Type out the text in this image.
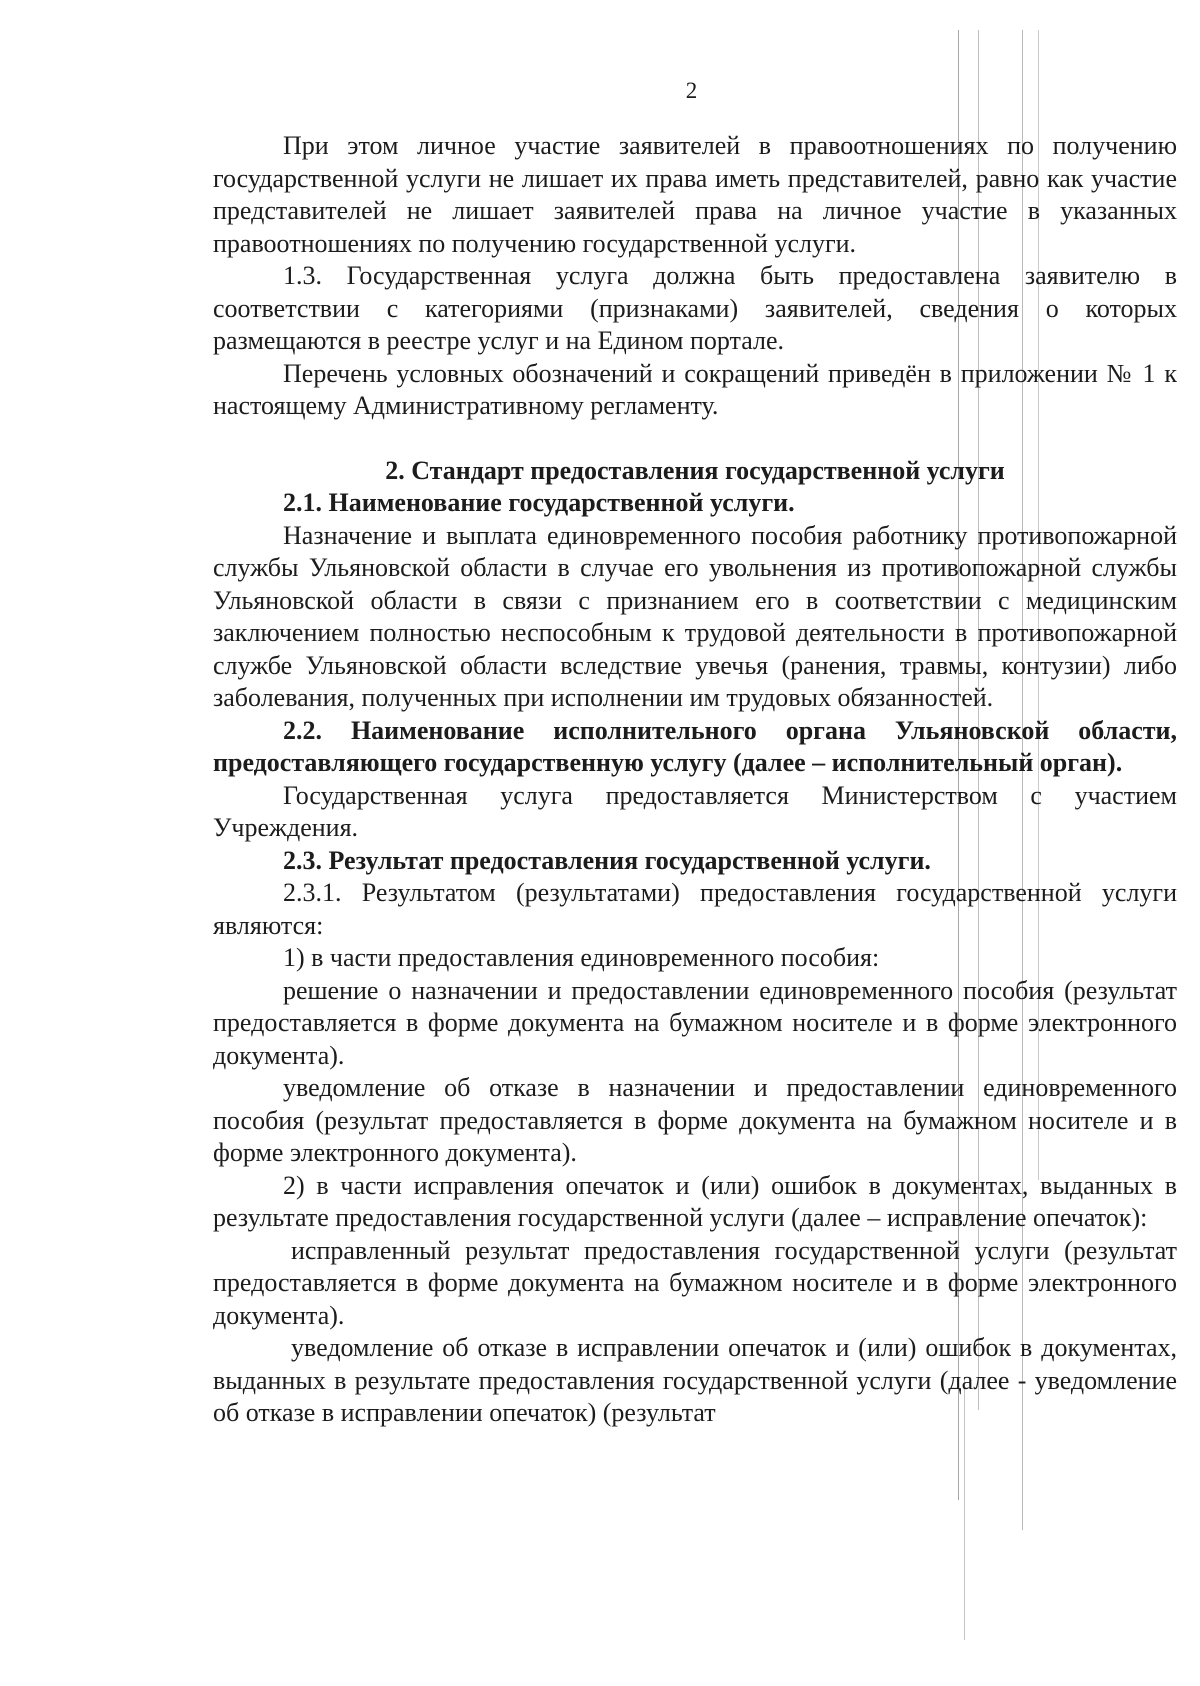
2

При этом личное участие заявителей в правоотношениях по получению государственной услуги не лишает их права иметь представителей, равно как участие представителей не лишает заявителей права на личное участие в указанных правоотношениях по получению государственной услуги.

1.3. Государственная услуга должна быть предоставлена заявителю в соответствии с категориями (признаками) заявителей, сведения о которых размещаются в реестре услуг и на Едином портале.

Перечень условных обозначений и сокращений приведён в приложении № 1 к настоящему Административному регламенту.

2. Стандарт предоставления государственной услуги

2.1. Наименование государственной услуги.

Назначение и выплата единовременного пособия работнику противопожарной службы Ульяновской области в случае его увольнения из противопожарной службы Ульяновской области в связи с признанием его в соответствии с медицинским заключением полностью неспособным к трудовой деятельности в противопожарной службе Ульяновской области вследствие увечья (ранения, травмы, контузии) либо заболевания, полученных при исполнении им трудовых обязанностей.

2.2. Наименование исполнительного органа Ульяновской области, предоставляющего государственную услугу (далее – исполнительный орган).

Государственная услуга предоставляется Министерством с участием Учреждения.

2.3. Результат предоставления государственной услуги.

2.3.1. Результатом (результатами) предоставления государственной услуги являются:

1) в части предоставления единовременного пособия:

решение о назначении и предоставлении единовременного пособия (результат предоставляется в форме документа на бумажном носителе и в форме электронного документа).

уведомление об отказе в назначении и предоставлении единовременного пособия (результат предоставляется в форме документа на бумажном носителе и в форме электронного документа).

2) в части исправления опечаток и (или) ошибок в документах, выданных в результате предоставления государственной услуги (далее – исправление опечаток):

исправленный результат предоставления государственной услуги (результат предоставляется в форме документа на бумажном носителе и в форме электронного документа).

уведомление об отказе в исправлении опечаток и (или) ошибок в документах, выданных в результате предоставления государственной услуги (далее - уведомление об отказе в исправлении опечаток) (результат
